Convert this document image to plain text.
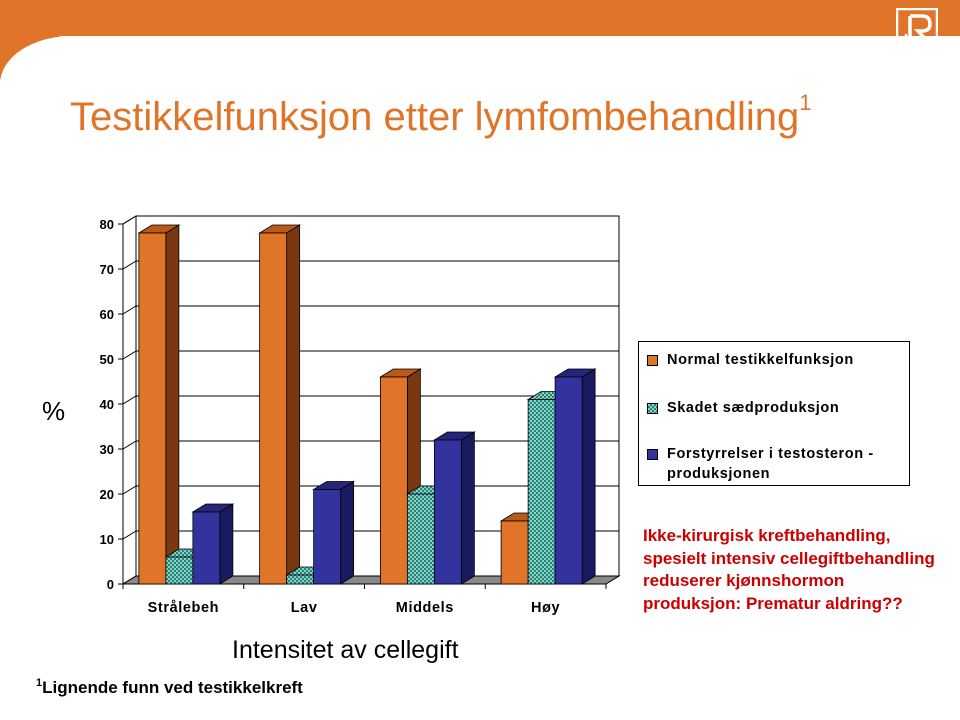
Testikkelfunksjon etter lymfombehandling$^1$
0
10
20
30
40
50
60
70
80
Strålebeh	Lav	Middels	Høy
Normal testikkelfunksjon
Skadet sædproduksjon
Forstyrrelser i testosteron - produksjonen
%
Intensitet av cellegift
Ikke-kirurgisk kreftbehandling, spesielt intensiv cellegiftbehandling reduserer kjønnshormon produksjon: Prematur aldring??
$^1$Lignende funn ved testikkelkreft
